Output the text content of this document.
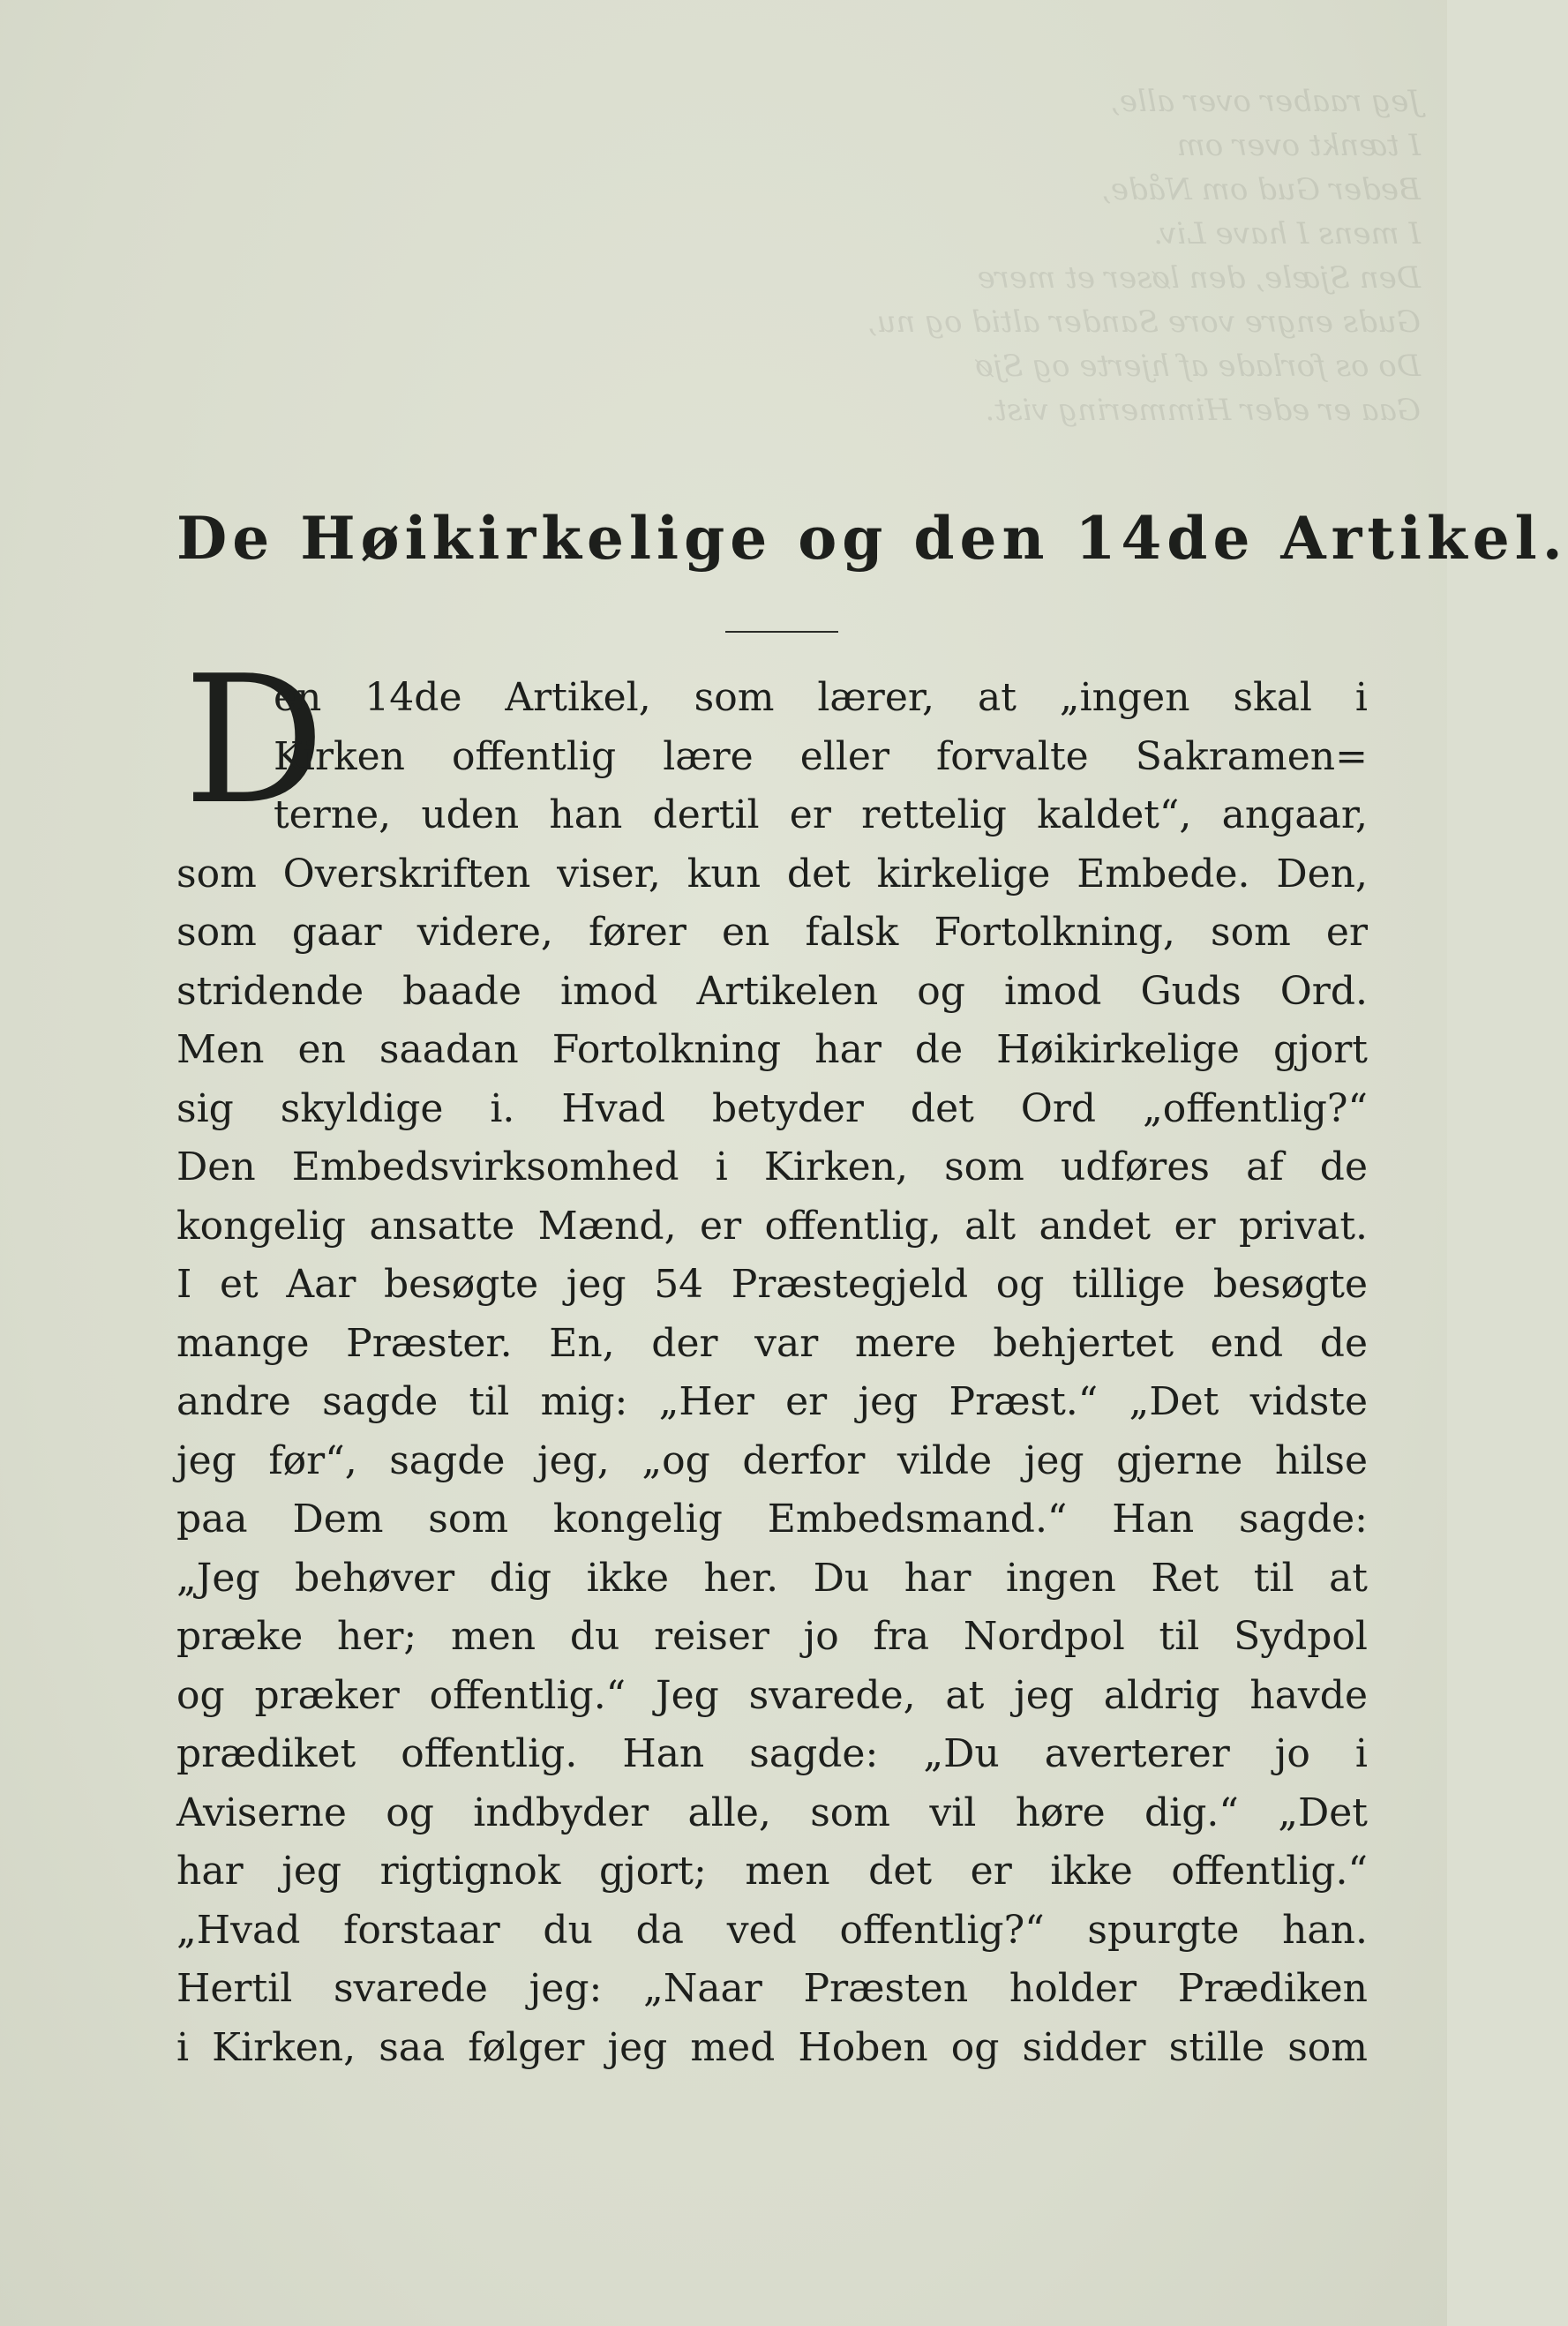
Jeg raaber over alle,
I tænkt over om
Beder Gud om Nåde,
I mens I have Liv.
Den Sjæle, den løser et mere
Guds engre vore Sander altid og nu,
Do os forlade af hjerte og Sjø
Gaa er eder Himmering vist.
De Høikirkelige og den 14de Artikel.
D
en 14de Artikel, som lærer, at „ingen skal i
Kirken offentlig lære eller forvalte Sakramen=
terne, uden han dertil er rettelig kaldet“, angaar,
som Overskriften viser, kun det kirkelige Embede. Den,
som gaar videre, fører en falsk Fortolkning, som er
stridende baade imod Artikelen og imod Guds Ord.
Men en saadan Fortolkning har de Høikirkelige gjort
sig skyldige i. Hvad betyder det Ord „offentlig?“
Den Embedsvirksomhed i Kirken, som udføres af de
kongelig ansatte Mænd, er offentlig, alt andet er privat.
I et Aar besøgte jeg 54 Præstegjeld og tillige besøgte
mange Præster. En, der var mere behjertet end de
andre sagde til mig: „Her er jeg Præst.“ „Det vidste
jeg før“, sagde jeg, „og derfor vilde jeg gjerne hilse
paa Dem som kongelig Embedsmand.“ Han sagde:
„Jeg behøver dig ikke her. Du har ingen Ret til at
præke her; men du reiser jo fra Nordpol til Sydpol
og præker offentlig.“ Jeg svarede, at jeg aldrig havde
prædiket offentlig. Han sagde: „Du averterer jo i
Aviserne og indbyder alle, som vil høre dig.“ „Det
har jeg rigtignok gjort; men det er ikke offentlig.“
„Hvad forstaar du da ved offentlig?“ spurgte han.
Hertil svarede jeg: „Naar Præsten holder Prædiken
i Kirken, saa følger jeg med Hoben og sidder stille som
